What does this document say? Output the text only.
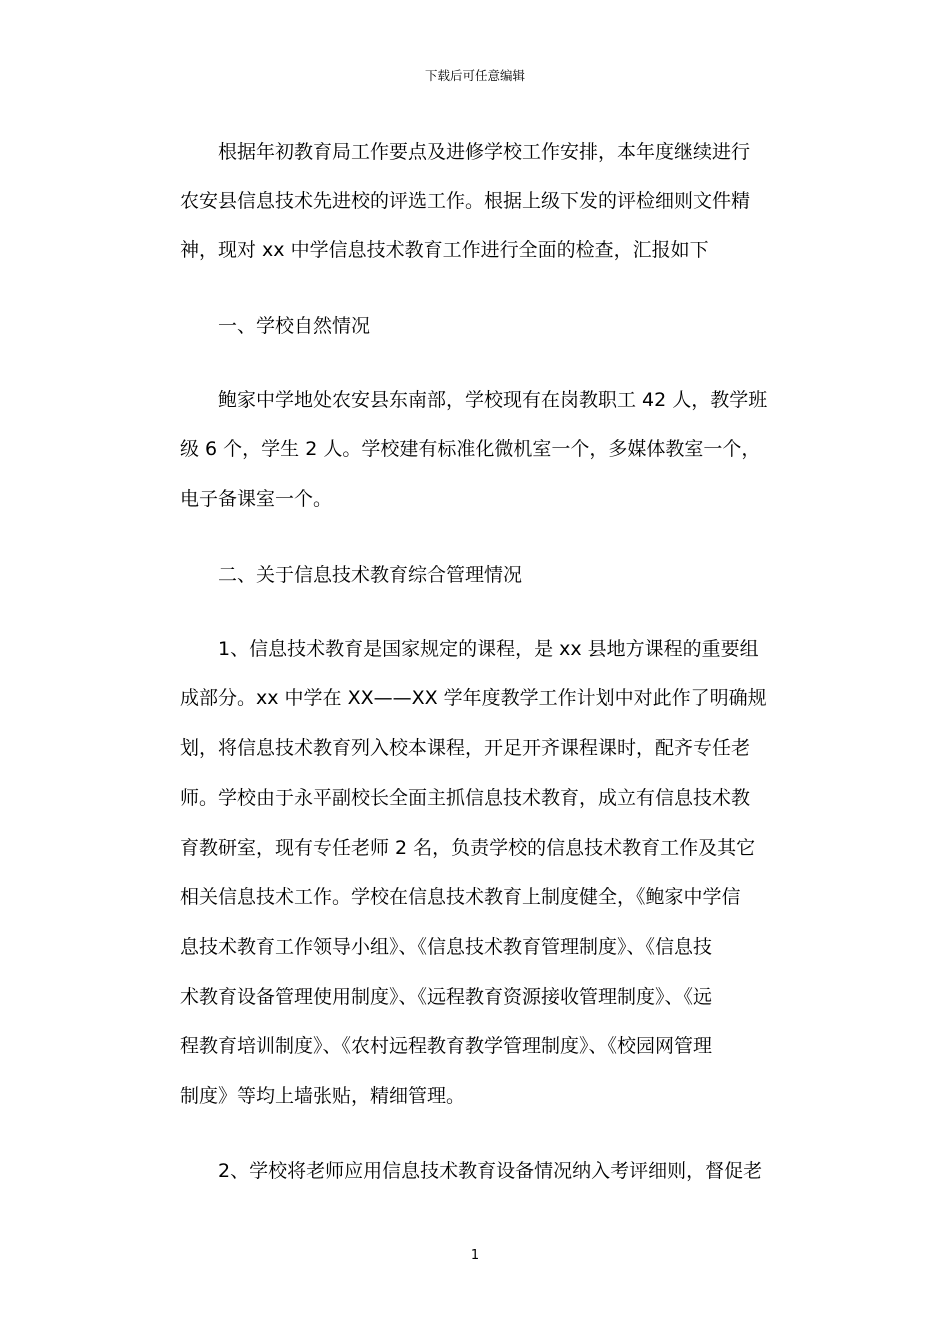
下载后可任意编辑
根据年初教育局工作要点及进修学校工作安排，本年度继续进行
农安县信息技术先进校的评选工作。根据上级下发的评检细则文件精
神，现对 xx 中学信息技术教育工作进行全面的检查，汇报如下
一、学校自然情况
鲍家中学地处农安县东南部，学校现有在岗教职工 42 人，教学班
级 6 个，学生 2 人。学校建有标准化微机室一个，多媒体教室一个，
电子备课室一个。
二、关于信息技术教育综合管理情况
1、信息技术教育是国家规定的课程，是 xx 县地方课程的重要组
成部分。xx 中学在 XX——XX 学年度教学工作计划中对此作了明确规
划，将信息技术教育列入校本课程，开足开齐课程课时，配齐专任老
师。学校由于永平副校长全面主抓信息技术教育，成立有信息技术教
育教研室，现有专任老师 2 名，负责学校的信息技术教育工作及其它
相关信息技术工作。学校在信息技术教育上制度健全，《鲍家中学信
息技术教育工作领导小组》、《信息技术教育管理制度》、《信息技
术教育设备管理使用制度》、《远程教育资源接收管理制度》、《远
程教育培训制度》、《农村远程教育教学管理制度》、《校园网管理
制度》等均上墙张贴，精细管理。
2、学校将老师应用信息技术教育设备情况纳入考评细则，督促老
1
